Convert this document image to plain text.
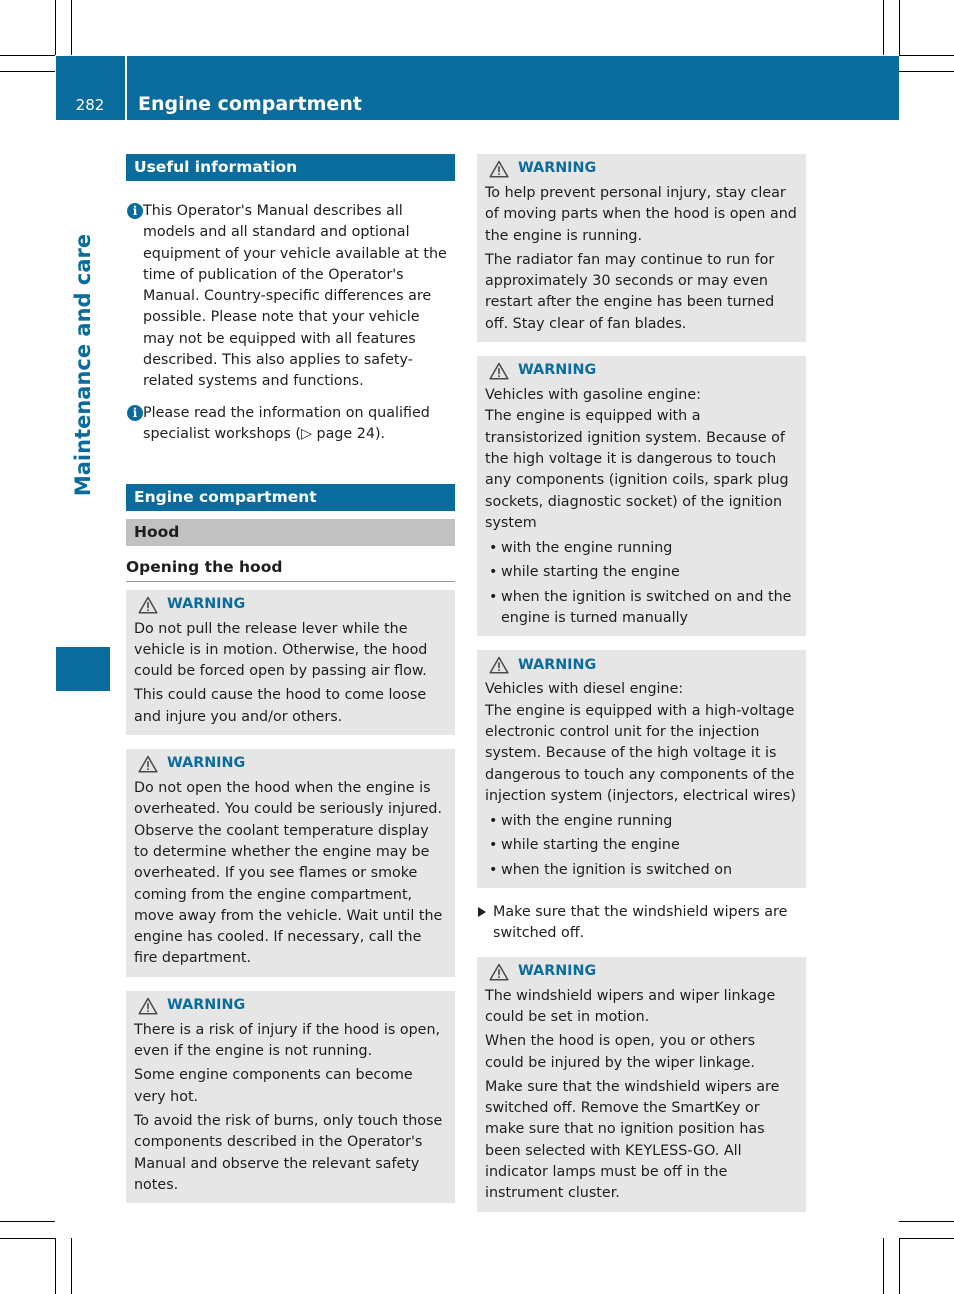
282	Engine compartment
Maintenance and care
Useful information
i This Operator's Manual describes all models and all standard and optional equipment of your vehicle available at the time of publication of the Operator's Manual. Country-specific differences are possible. Please note that your vehicle may not be equipped with all features described. This also applies to safety-related systems and functions.
i Please read the information on qualified specialist workshops (▷ page 24).
Engine compartment
Hood
Opening the hood
WARNING

Do not pull the release lever while the vehicle is in motion. Otherwise, the hood could be forced open by passing air flow.

This could cause the hood to come loose and injure you and/or others.

WARNING

Do not open the hood when the engine is overheated. You could be seriously injured. Observe the coolant temperature display to determine whether the engine may be overheated. If you see flames or smoke coming from the engine compartment, move away from the vehicle. Wait until the engine has cooled. If necessary, call the fire department.

WARNING

There is a risk of injury if the hood is open, even if the engine is not running.

Some engine components can become very hot.

To avoid the risk of burns, only touch those components described in the Operator's Manual and observe the relevant safety notes.

WARNING

To help prevent personal injury, stay clear of moving parts when the hood is open and the engine is running.

The radiator fan may continue to run for approximately 30 seconds or may even restart after the engine has been turned off. Stay clear of fan blades.

WARNING

Vehicles with gasoline engine:

The engine is equipped with a transistorized ignition system. Because of the high voltage it is dangerous to touch any components (ignition coils, spark plug sockets, diagnostic socket) of the ignition system

• with the engine running
• while starting the engine
• when the ignition is switched on and the engine is turned manually
WARNING

Vehicles with diesel engine:

The engine is equipped with a high-voltage electronic control unit for the injection system. Because of the high voltage it is dangerous to touch any components of the injection system (injectors, electrical wires)

• with the engine running
• while starting the engine
• when the ignition is switched on
Make sure that the windshield wipers are switched off.
WARNING

The windshield wipers and wiper linkage could be set in motion.

When the hood is open, you or others could be injured by the wiper linkage.

Make sure that the windshield wipers are switched off. Remove the SmartKey or make sure that no ignition position has been selected with KEYLESS-GO. All indicator lamps must be off in the instrument cluster.
